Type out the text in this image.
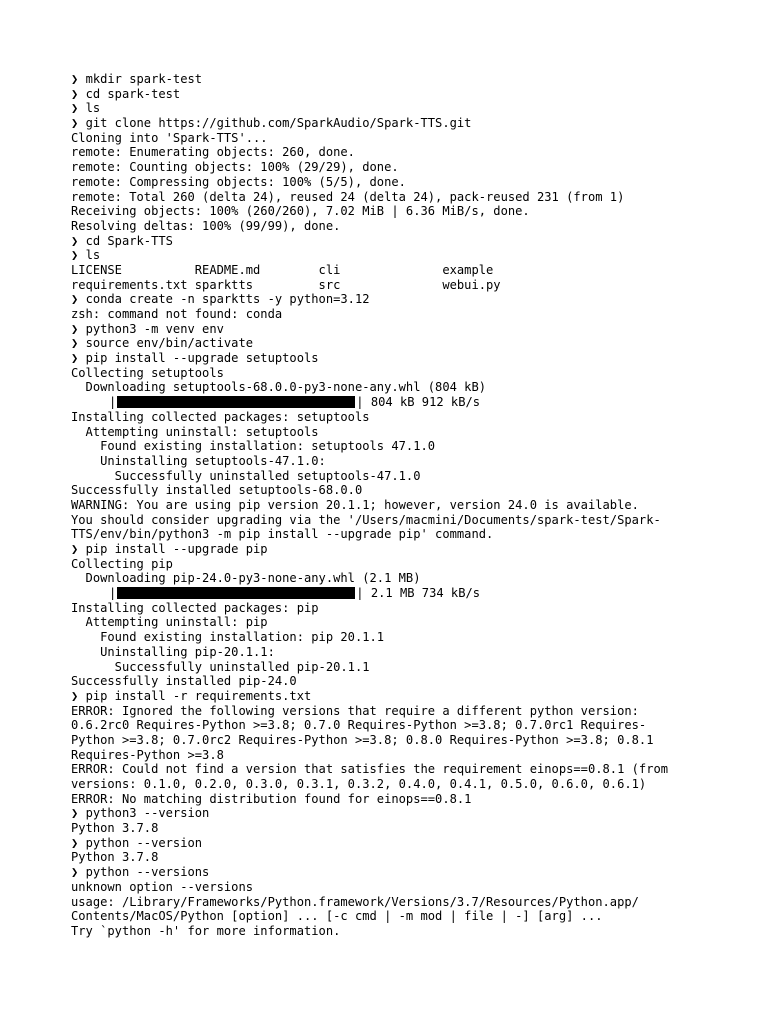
❯ mkdir spark-test
❯ cd spark-test
❯ ls
❯ git clone https://github.com/SparkAudio/Spark-TTS.git
Cloning into 'Spark-TTS'...
remote: Enumerating objects: 260, done.
remote: Counting objects: 100% (29/29), done.
remote: Compressing objects: 100% (5/5), done.
remote: Total 260 (delta 24), reused 24 (delta 24), pack-reused 231 (from 1)
Receiving objects: 100% (260/260), 7.02 MiB | 6.36 MiB/s, done.
Resolving deltas: 100% (99/99), done.
❯ cd Spark-TTS
❯ ls
LICENSE          README.md        cli              example
requirements.txt sparktts         src              webui.py
❯ conda create -n sparktts -y python=3.12
zsh: command not found: conda
❯ python3 -m venv env
❯ source env/bin/activate
❯ pip install --upgrade setuptools
Collecting setuptools
Downloading setuptools-68.0.0-py3-none-any.whl (804 kB)
|	| 804 kB 912 kB/s
Installing collected packages: setuptools
Attempting uninstall: setuptools
Found existing installation: setuptools 47.1.0
Uninstalling setuptools-47.1.0:
Successfully uninstalled setuptools-47.1.0
Successfully installed setuptools-68.0.0
WARNING: You are using pip version 20.1.1; however, version 24.0 is available.
You should consider upgrading via the '/Users/macmini/Documents/spark-test/Spark-
TTS/env/bin/python3 -m pip install --upgrade pip' command.
❯ pip install --upgrade pip
Collecting pip
Downloading pip-24.0-py3-none-any.whl (2.1 MB)
|	| 2.1 MB 734 kB/s
Installing collected packages: pip
Attempting uninstall: pip
Found existing installation: pip 20.1.1
Uninstalling pip-20.1.1:
Successfully uninstalled pip-20.1.1
Successfully installed pip-24.0
❯ pip install -r requirements.txt
ERROR: Ignored the following versions that require a different python version:
0.6.2rc0 Requires-Python >=3.8; 0.7.0 Requires-Python >=3.8; 0.7.0rc1 Requires-
Python >=3.8; 0.7.0rc2 Requires-Python >=3.8; 0.8.0 Requires-Python >=3.8; 0.8.1
Requires-Python >=3.8
ERROR: Could not find a version that satisfies the requirement einops==0.8.1 (from
versions: 0.1.0, 0.2.0, 0.3.0, 0.3.1, 0.3.2, 0.4.0, 0.4.1, 0.5.0, 0.6.0, 0.6.1)
ERROR: No matching distribution found for einops==0.8.1
❯ python3 --version
Python 3.7.8
❯ python --version
Python 3.7.8
❯ python --versions
unknown option --versions
usage: /Library/Frameworks/Python.framework/Versions/3.7/Resources/Python.app/
Contents/MacOS/Python [option] ... [-c cmd | -m mod | file | -] [arg] ...
Try `python -h' for more information.
